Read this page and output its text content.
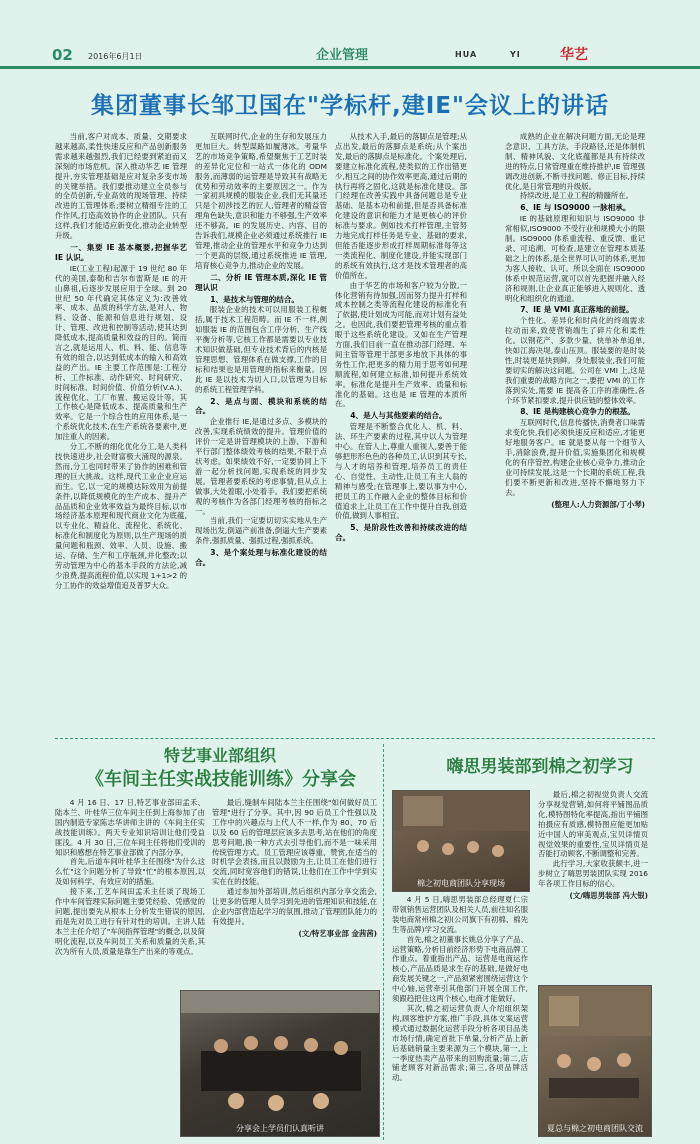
02 2016年6月1日	企业管理	HUA	YI	华艺
集团董事长邹卫国在"学标杆,建IE"会议上的讲话

当前,客户对成本、质量、交期要求越来越高,柔性快速反应和产品创新服务需求越来越强烈,我们已经要到紧迫而又深刻的市场危机。深入推动华艺 IE 管理提升,夯实管理基础是应对复杂多变市场的关键举措。我们要推动建立全员参与的全员创新,专业高效的现场管理、持续改进的工管理体系;要树立精细专注的工作作风,打造高效协作的企业团队。只有这样,我们才能适应新变化,推动企业转型升级。

一、集要 IE 基本概要,把握华艺 IE 认识。

IE(工业工程)起源于 19 世纪 80 年代的美国,泰勒和吉尔布雷斯是 IE 的开山鼻祖,后逐步发展应用于全球。到 20 世纪 50 年代确定其体定义为:改善效率、成本、品质的科学方法,是对人、物料、设备、能源和信息进行规划、设计、管理、改进和控制等活动,使其达到降低成本,提高质量和效益的目的。简而言之,就是运用人、机、料、能、信息等有效的组合,以达到低成本的输入和高效益的产出。IE 主要工作范围是:工程分析、工作标准、动作研究、时间研究、时间标准、时间价值、价值分析(V.A.)、流程优化、工厂布置、搬运设计等。其工作核心是降低成本、提高质量和生产效率。它是一个综合性的应用体系,是一个系统优化技术,在生产系统各要素中,更加注重人的因素。

分工,不断的细化优化分工,是人类科技快速进步,社会财富极大涌现的源泉。然而,分工也同时带来了协作的困难和管理的巨大挑战。这样,现代工业企业应运而生。它,以一定的规模达际效用为前提条件,以降低规模化的生产成本、提升产品品质和企业效率效益为最终目标,以市场经济基本原理和现代商业文化为底蕴,以专业化、精益化、流程化、系统化、标准化和制度化为原则,以生产现场的质量问题和瓶颈、效率、人员、设施、搬运、存储、生产和工序瓶颈,并化整改;以劳动管理为中心的基本手段的方法论,减少浪费,提高流程价值,以实现 1+1>2 的分工协作的效益增值追及普罗大众。

互联网时代,企业的生存和发展压力更加巨大。转型谋路如履薄冰。考量华艺的市场竞争策略,希望聚焦于工艺时装的差异化定位和一站式一体化的 ODM 服务,而薄弱的运管理是导致其有战略无优势和劳动效率的主要原因之一。作为一家初具规模的服装企业,我们无其量还只是个初涉技艺的匠人,管理者的精益管理角色缺失,意识和能力不够强,生产效率还不够高。IE 的发展历史、内容、目的告诉我们,规模企业必须通过系统推行 IE 管理,推动企业的管理水平和竞争力达到一个更高的层级,通过系统推进 IE 管理,培育核心竞争力,推动企业的发展。

二、分析 IE 管理本质,深化 IE 管理认识
1、是技术与管理的结合。

服装企业的技术可以用服装工程概括,属于技术工程范畴。而 IE 不一样,例如服装 IE 的范围包含工序分析、生产线平衡分析等,它核工作都是需要以专业技术知识做基础,但专业技术背后的内核是管理思想、管理体系在做支撑,工作的目标和结果也是用管理的指标来衡量。因此 IE 是以技术为切入口,以管理为目标的系统工程管理学科。

2、是点与面、模块和系统的结合。

企业推行 IE,是通过多点、多模块的改善,实现系统绩效的提升。管理价值的评价一定是讲管理模块的上游、下游和平行部门整体绩效考核的结果,不限于点状考虑。如果绩效不好,一定要协同上下游一起分析找问题,实现系统的同步发展。管理者要系统的考虑事情,但从点上做事,大处着眼,小处着手。我们要把系统观的考核作为各部门经理考核的指标之一。

当前,我们一定要切切实实地从生产现场出发,倒逼产前准备,倒逼大生产要素条件,强抓质量、强抓过程,强抓系统。

3、是个案处理与标准化建设的结合。

从技术入手,最后的落脚点是管理;从点出发,最后的落脚点是系统;从个案出发,最后的落脚点是标准化。个案处理后,要建立标准化流程,使类似的工作出错更少,相互之间的协作效率更高,通过后期的执行再将之固化,这就是标准化建设。部门经理在改善实践中具备问题总是专业基础、是基本功和前提,但是否具备标准化建设的意识和能力才是更核心的评价标准与要求。例如技术打样管理,主管努力地完成打样任务是专业、基础的要求,但能否能逐步形成打样周期标准每等这一类流程化、制度化建设,并能实现部门的系统有效执行,这才是技术管理者的高价值所在。

由于华艺的市场和客户较为分散,一体化营销有待加强,因而努力提升打样和成本控制之类等流程化建设的标准化有了依据,使计划成为可能,而对计划有益处之。也因此,我们要把管理考核的重点着眼于这些系统化建设。又如在生产管理方面,我们目前一直在推动部门经理、车间主管等管理干部更多地放下具体的事务性工作,把更多的精力用于思考如何理顺流程,如何建立标准,如何提升系统效率。标准化是提升生产效率、质量和标准化的基础。这也是 IE 管理的本质所在。

4、是人与其他要素的结合。

管理是不断整合优化人、机、料、法、环生产要素的过程,其中以人为管理中心。在管人上,尊重人重视人,要善于能够把形形色色的各种员工,认识到其专长,与人才的培养和管理,培养员工的责任心、自觉性、主动性,让员工有主人翁的精神与感受;在管理事上,要以事为中心,把员工的工作融入企业的整体目标和价值追求上,让员工在工作中提升自我,创造价值,做到人事相宜。

5、是阶段性改善和持续改进的结合。

成熟的企业在解决问题方面,无论是理念意识、工具方法、手段路径,还是体制机制、精神风貌、文化底蕴都是具有持续改进的特点,日常管理重在维持推护,IE 管理强调改进创新,不断寻找问题、修正目标,持续优化,是日常管理的升级版。

持续改进,是工业工程的精髓所在。

6、IE 与 ISO9000 一脉相承。

IE 的基础原理和知识与 ISO9000 非常相似,ISO9000 不受行业和规模大小的限制。ISO9000 体系重流程、重反馈、重记录、可追溯、可检查,是建立在管理本质基础之上的体系,是全世界可认可的体系,更加为客人接收、认可。所以全面在 ISO9000 体系中规范运营,就可以首先把握并融入经济和规则,让企业真正能够进入规则化、透明化和组织化的通道。

7、IE 是 VMI 真正落地的前提。

个性化、差异化和时尚化的终端需求拉动而来,致使营销端生了碎片化和柔性化。以钢花产、多款少量、快单补单追单,快如江海决堤,泰山压顶。服装要的是时装性,时装更是快到鲜。身处服装业,我们可能要切实的解决这问题。公司在 VMI 上,这是我们重要的战略方向之一,要把 VMI 的工作落到实处,需要 IE 提高各工序的准确性,各个环节紧扣要求,提升供应链的整体效率。

8、IE 是构建核心竞争力的根基。

互联网时代,信息传播快,消费者口味需求变化快,我们必须快速反应和适应,才能更好地服务客户。IE 就是要从每一个细节入手,消除浪费,提升价值,实施集团化和规模化的有序管控,构建企业核心竞争力,推动企业可持续发展,这是一个长期的系统工程,我们要不断更新和改进,坚持不懈地努力下去。

(整理人:人力资源部/丁小琴)
特艺事业部组织
《车间主任实战技能训练》分享会

4 月 16 日、17 日,特艺事业部田孟禾、陆本兰、叶桂华三位车间主任到上海参加了由国内制造专家陈志华讲师主讲的《车间主任实战技能训练》。两天专业知识培训让他们受益匪浅。4 月 30 日,三位车间主任将他们受训的知识和感想在特艺事业部做了内部分享。

首先,后道车间叶桂华主任围绕"为什么这么忙"这个问题分析了导致"忙"的根本原因,以及如何科学、有效应对的措施。

接下来,工艺车间田孟禾主任谈了现场工作中车间管理实际问题主要凭经验、凭感觉的问题,提出要先从根本上分析发生错误的原因,而是先对员工进行有针对性的培训。主讲人陆本兰主任介绍了"车间指挥管理"的概念,以及简明化流程,以及车间员工关系和质量的关系,其次为所有人员,质量是靠生产出来的等观点。

最后,缝制车间陆本兰主任围绕"如何做好员工管理"进行了分享。其中,因 90 后员工个性强以及工作中的兴趣点与上代人不一样,作为 80、70 后以及 60 后的管理层应该多去思考,站在他们的角度思考问题,换一种方式去引导他们,而不是一味采用传统管理方式。员工管理应该尊重、赞赏,在适当的时机学会表扬,而且以鼓励为主,让员工在他们进行交流,同时宽容他们的错误,让他们在工作中学到实实在在的技能。

通过参加外部培训,然后组织内部分享交流会,让更多的管理人员学习到先进的管理知识和技能,在企业内部营造起学习的氛围,推动了管理团队能力的有效提升。

(文/特艺事业部 金茜茜)
分享会上学员们认真听讲
嗨思男装部到棉之初学习
棉之初电商团队分享现场

4 月 5 日,嗨思男装部总经理夏仁宗带领销售运营团队及相关人员,前往知名服装电商常州棉之初(公司旗下有初棉、棉先生等品牌)学习交流。

首先,棉之初董事长姚总分享了产品、运营策略,分析目前经济形势下电商品牌工作重点。着重指出产品、运营是电商运作核心,产品品质是求生存的基础,是做好电商发展关键之一,产品须紧密围绕运营这个中心轴,运营牵引其他部门开展全面工作,须跟趋把住这两个核心,电商才能做好。

其次,棉之初运营负责人介绍组织架构,顾客维护方案,推广手段,具体文案运营模式通过数据化运营手段分析各项目品类市场行情,确定首批下单量,分析产品上新后基础销量主要来源为三个模块,第一,上一季度热卖产品带来的回购流量;第二,店铺老顾客对新品需求;第三,各项品牌活动。

最后,棉之初视觉负责人交流分享视觉营销,如何将平铺图品质化,模特图特化率提高,指出平铺图拍摄应有质感,模特图应能更加贴近中国人的审美观点,宝贝详情页视觉效果的重要性,宝贝详情页是否能打动顾客,不断调整和完善。

此行学习,大家收获颇丰,进一步树立了嗨思男装团队实现 2016 年各项工作目标的信心。

(文/嗨思男装部 冯大银)
夏总与棉之初电商团队交流
